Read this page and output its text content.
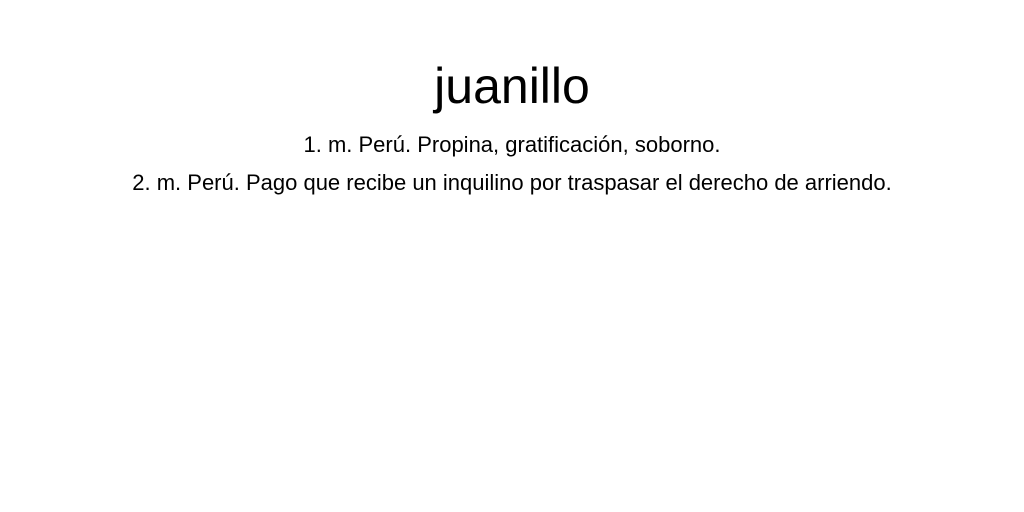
juanillo
1. m. Perú. Propina, gratificación, soborno.
2. m. Perú. Pago que recibe un inquilino por traspasar el derecho de arriendo.
